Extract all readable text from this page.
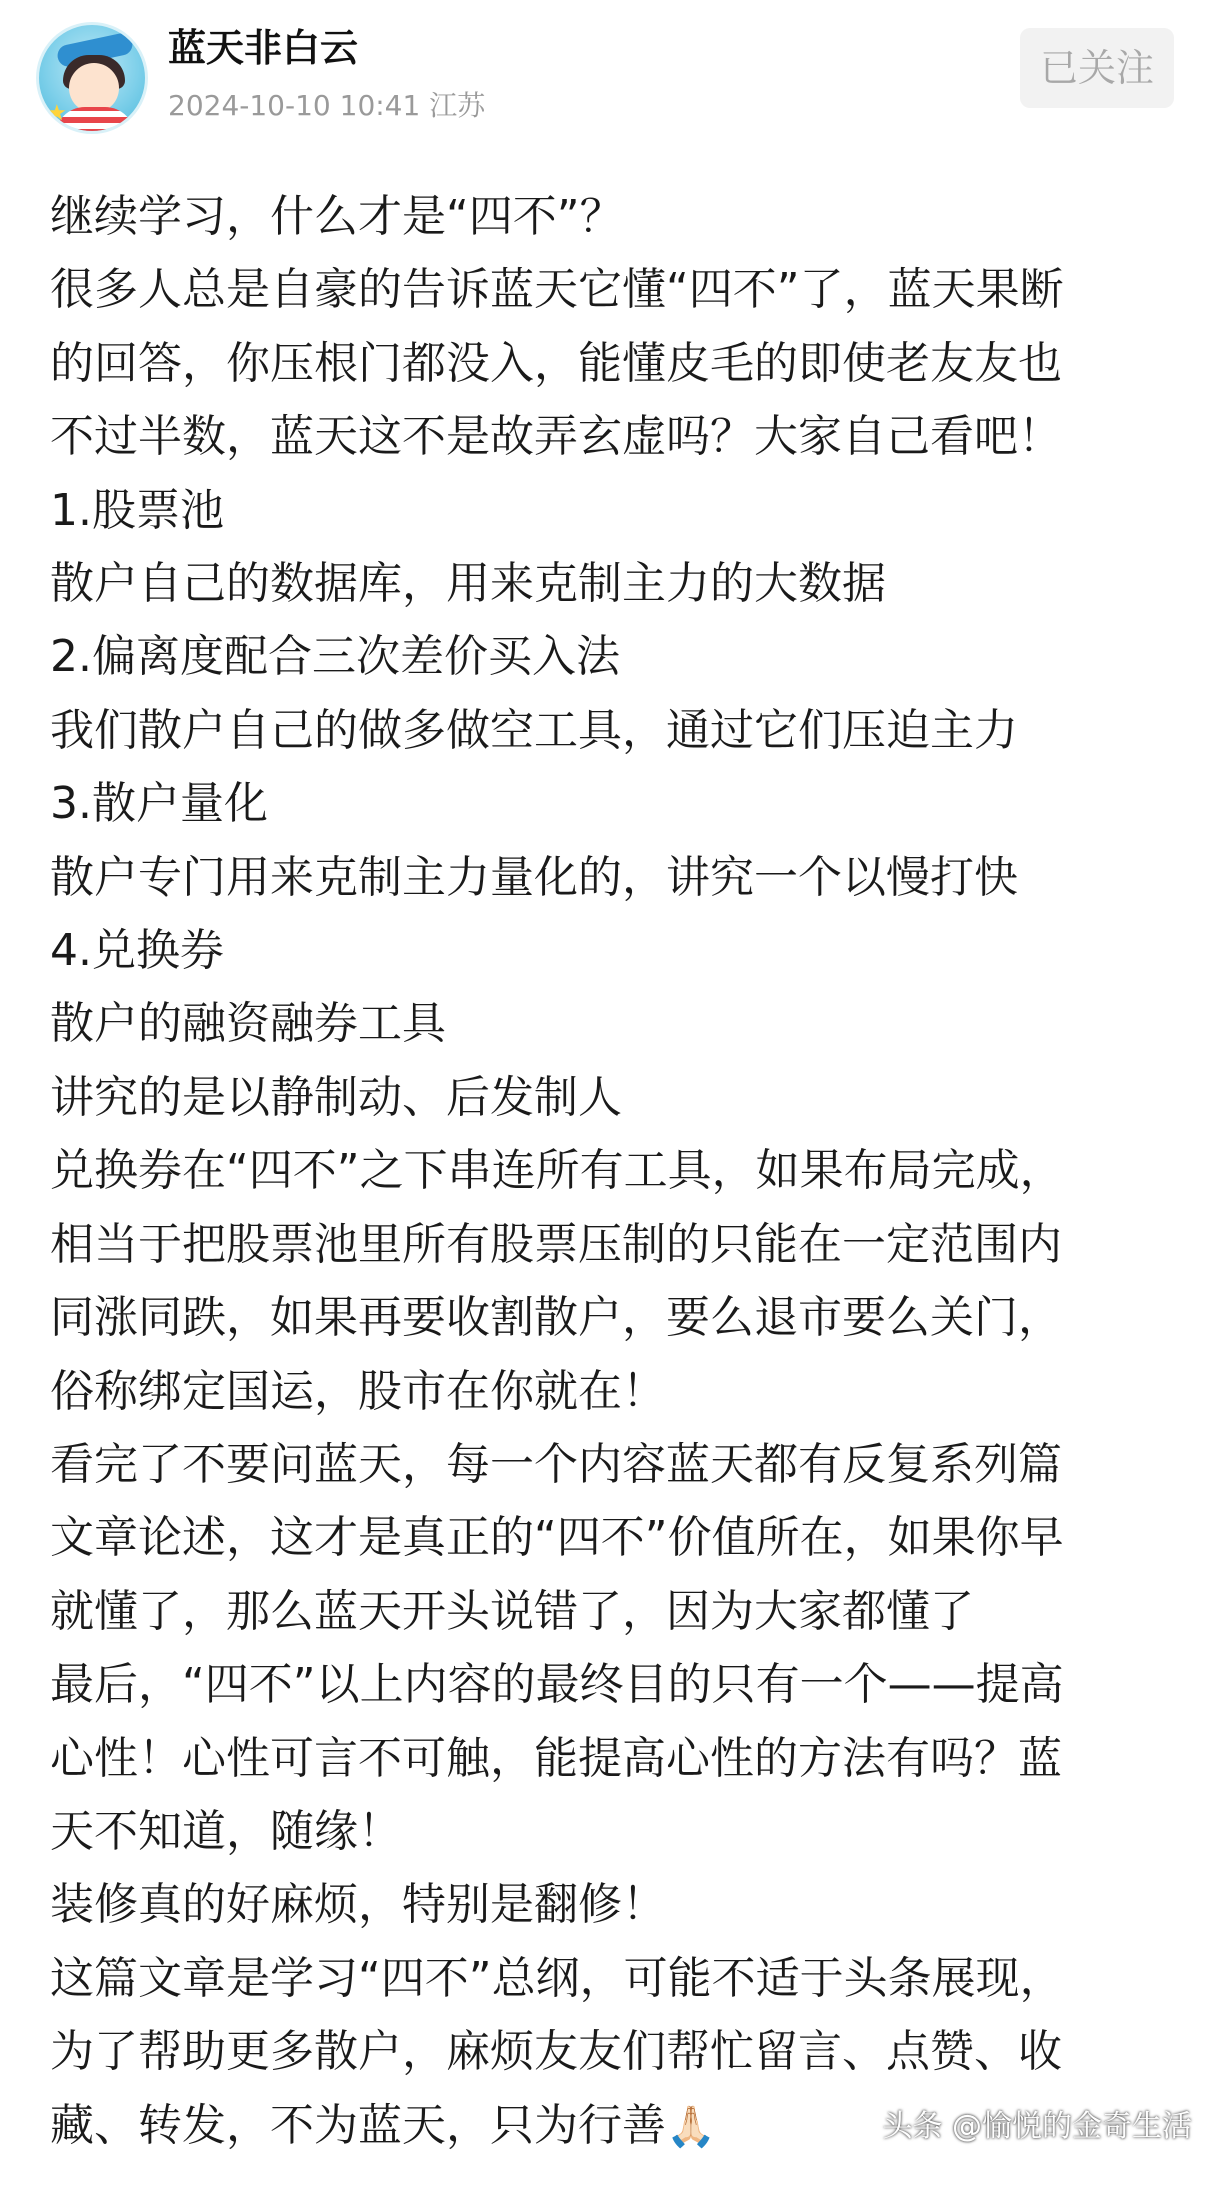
★
蓝天非白云
2024-10-10 10:41 江苏
已关注

继续学习，什么才是“四不”？

很多人总是自豪的告诉蓝天它懂“四不”了，蓝天果断

的回答，你压根门都没入，能懂皮毛的即使老友友也

不过半数，蓝天这不是故弄玄虚吗？大家自己看吧！

1.股票池

散户自己的数据库，用来克制主力的大数据

2.偏离度配合三次差价买入法

我们散户自己的做多做空工具，通过它们压迫主力

3.散户量化

散户专门用来克制主力量化的，讲究一个以慢打快

4.兑换券

散户的融资融券工具

讲究的是以静制动、后发制人

兑换券在“四不”之下串连所有工具，如果布局完成，

相当于把股票池里所有股票压制的只能在一定范围内

同涨同跌，如果再要收割散户，要么退市要么关门，

俗称绑定国运，股市在你就在！

看完了不要问蓝天，每一个内容蓝天都有反复系列篇

文章论述，这才是真正的“四不”价值所在，如果你早

就懂了，那么蓝天开头说错了，因为大家都懂了

最后，“四不”以上内容的最终目的只有一个——提高

心性！心性可言不可触，能提高心性的方法有吗？蓝

天不知道，随缘！

装修真的好麻烦，特别是翻修！

这篇文章是学习“四不”总纲，可能不适于头条展现，

为了帮助更多散户，麻烦友友们帮忙留言、点赞、收

藏、转发，不为蓝天，只为行善🙏🏻	头条 @愉悦的金奇生活
